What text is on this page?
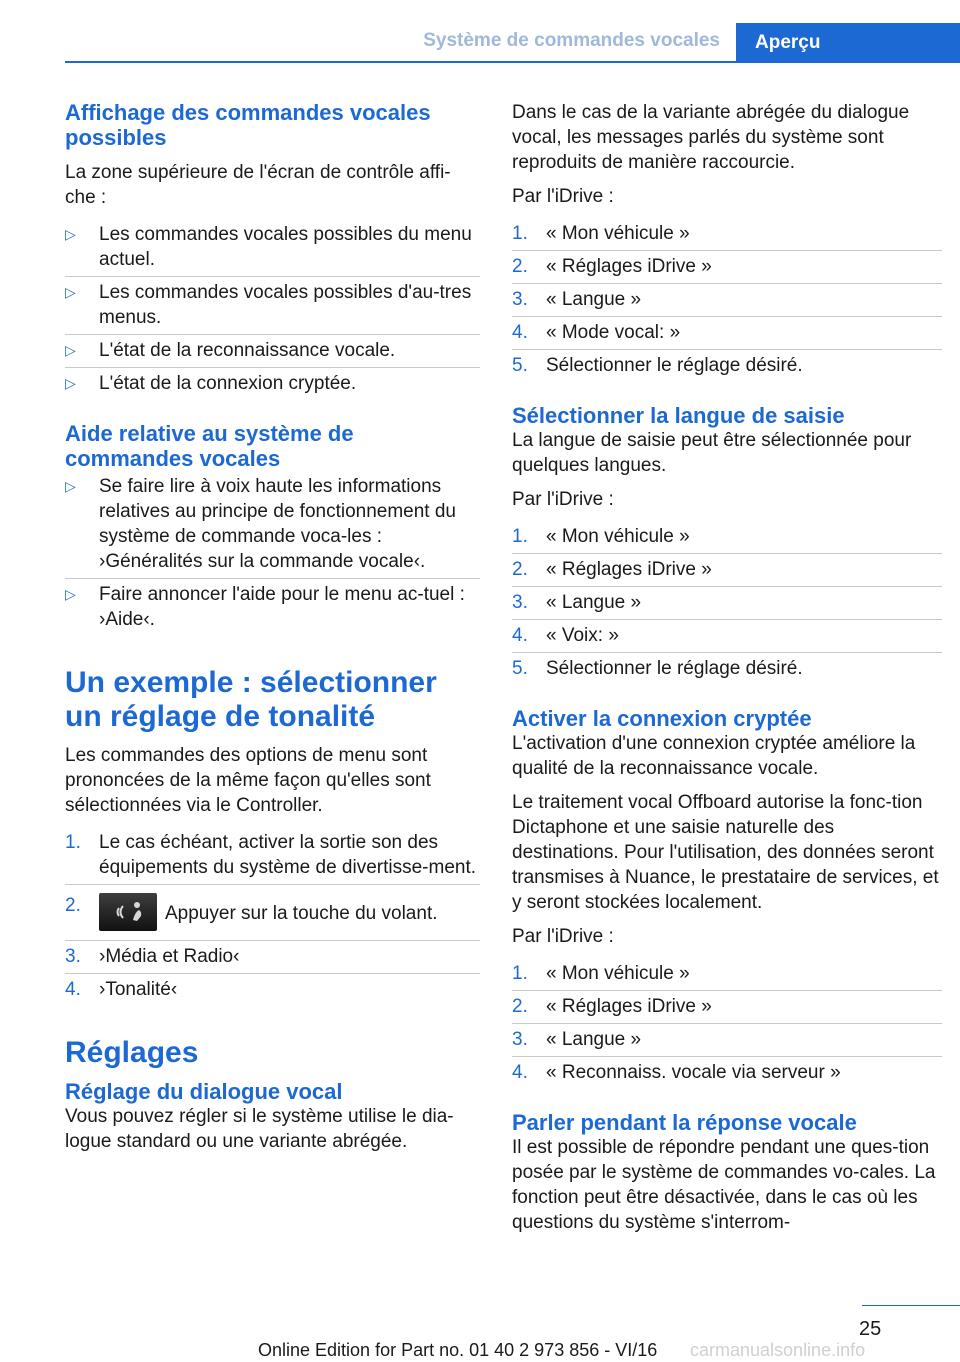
Système de commandes vocales	Aperçu
Affichage des commandes vocales possibles

La zone supérieure de l'écran de contrôle affi-che :

▷ Les commandes vocales possibles du menu actuel.
▷ Les commandes vocales possibles d'au-tres menus.
▷ L'état de la reconnaissance vocale.
▷ L'état de la connexion cryptée.
Aide relative au système de commandes vocales
▷ Se faire lire à voix haute les informations relatives au principe de fonctionnement du système de commande voca-les : ›Généralités sur la commande vocale‹.
▷ Faire annoncer l'aide pour le menu ac-tuel : ›Aide‹.
Un exemple : sélectionner un réglage de tonalité

Les commandes des options de menu sont prononcées de la même façon qu'elles sont sélectionnées via le Controller.

1. Le cas échéant, activer la sortie son des équipements du système de divertisse-ment.
2.	Appuyer sur la touche du volant.
3. ›Média et Radio‹
4. ›Tonalité‹
Réglages
Réglage du dialogue vocal

Vous pouvez régler si le système utilise le dia-logue standard ou une variante abrégée.

Dans le cas de la variante abrégée du dialogue vocal, les messages parlés du système sont reproduits de manière raccourcie.

Par l'iDrive :

1. « Mon véhicule »
2. « Réglages iDrive »
3. « Langue »
4. « Mode vocal: »
5. Sélectionner le réglage désiré.
Sélectionner la langue de saisie

La langue de saisie peut être sélectionnée pour quelques langues.

Par l'iDrive :

1. « Mon véhicule »
2. « Réglages iDrive »
3. « Langue »
4. « Voix: »
5. Sélectionner le réglage désiré.
Activer la connexion cryptée

L'activation d'une connexion cryptée améliore la qualité de la reconnaissance vocale.

Le traitement vocal Offboard autorise la fonc-tion Dictaphone et une saisie naturelle des destinations. Pour l'utilisation, des données seront transmises à Nuance, le prestataire de services, et y seront stockées localement.

Par l'iDrive :

1. « Mon véhicule »
2. « Réglages iDrive »
3. « Langue »
4. « Reconnaiss. vocale via serveur »
Parler pendant la réponse vocale

Il est possible de répondre pendant une ques-tion posée par le système de commandes vo-cales. La fonction peut être désactivée, dans le cas où les questions du système s'interrom-

25
Online Edition for Part no. 01 40 2 973 856 - VI/16 carmanualsonline.info
